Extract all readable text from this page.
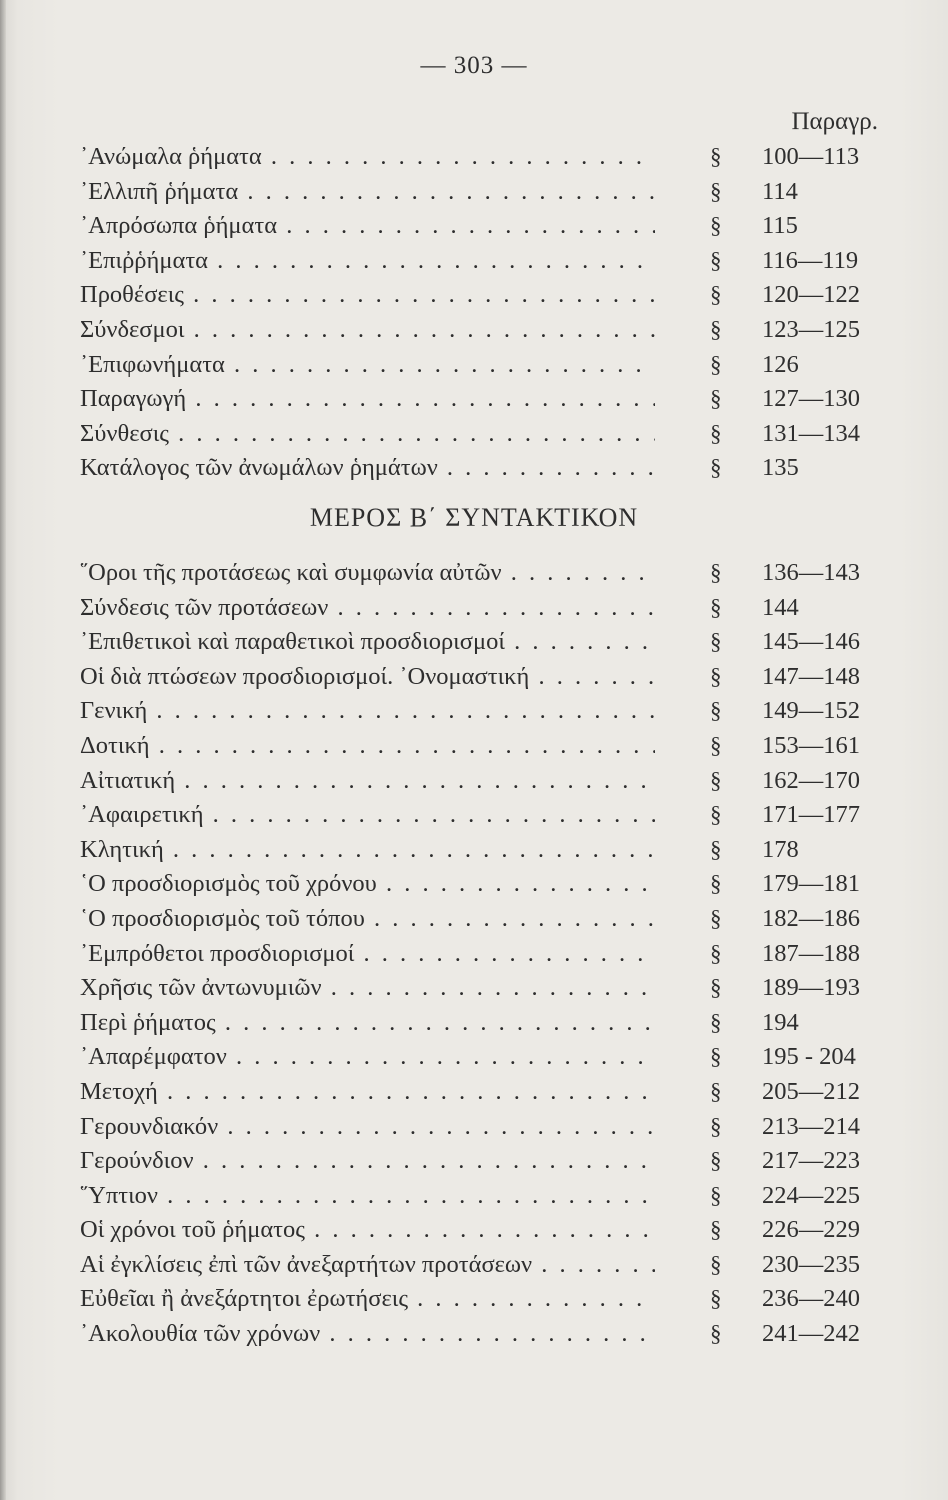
— 303 —
Παραγρ.
᾿Ανώμαλα ῥήματα . . .	§ 100—113
᾿Ελλιπῆ ῥήματα . . .	§ 114
᾿Απρόσωπα ῥήματα . . .	§ 115
᾿Επιῤῥήματα . . .	§ 116—119
Προθέσεις . . .	§ 120—122
Σύνδεσμοι . . .	§ 123—125
᾿Επιφωνήματα . . .	§ 126
Παραγωγή . . .	§ 127—130
Σύνθεσις . . .	§ 131—134
Κατάλογος τῶν ἀνωμάλων ῥημάτων . . .	§ 135
ΜΕΡΟΣ Β΄ ΣΥΝΤΑΚΤΙΚΟΝ
῞Οροι τῆς προτάσεως καὶ συμφωνία αὐτῶν . . .	§ 136—143
Σύνδεσις τῶν προτάσεων . . .	§ 144
᾿Επιθετικοὶ καὶ παραθετικοὶ προσδιορισμοί . . .	§ 145—146
Οἱ διὰ πτώσεων προσδιορισμοί. ᾿Ονομαστική . . .	§ 147—148
Γενική . . .	§ 149—152
Δοτική . . .	§ 153—161
Αἰτιατική . . .	§ 162—170
᾿Αφαιρετική . . .	§ 171—177
Κλητική . . .	§ 178
῾Ο προσδιορισμὸς τοῦ χρόνου . . .	§ 179—181
῾Ο προσδιορισμὸς τοῦ τόπου . . .	§ 182—186
᾿Εμπρόθετοι προσδιορισμοί . . .	§ 187—188
Χρῆσις τῶν ἀντωνυμιῶν . . .	§ 189—193
Περὶ ῥήματος . . .	§ 194
᾿Απαρέμφατον . . .	§ 195 - 204
Μετοχή . . .	§ 205—212
Γερουνδιακόν . . .	§ 213—214
Γερούνδιον . . .	§ 217—223
῞Υπτιον . . .	§ 224—225
Οἱ χρόνοι τοῦ ῥήματος . . .	§ 226—229
Αἱ ἐγκλίσεις ἐπὶ τῶν ἀνεξαρτήτων προτάσεων . . .	§ 230—235
Εὐθεῖαι ἢ ἀνεξάρτητοι ἐρωτήσεις . . .	§ 236—240
᾿Ακολουθία τῶν χρόνων . . .	§ 241—242
